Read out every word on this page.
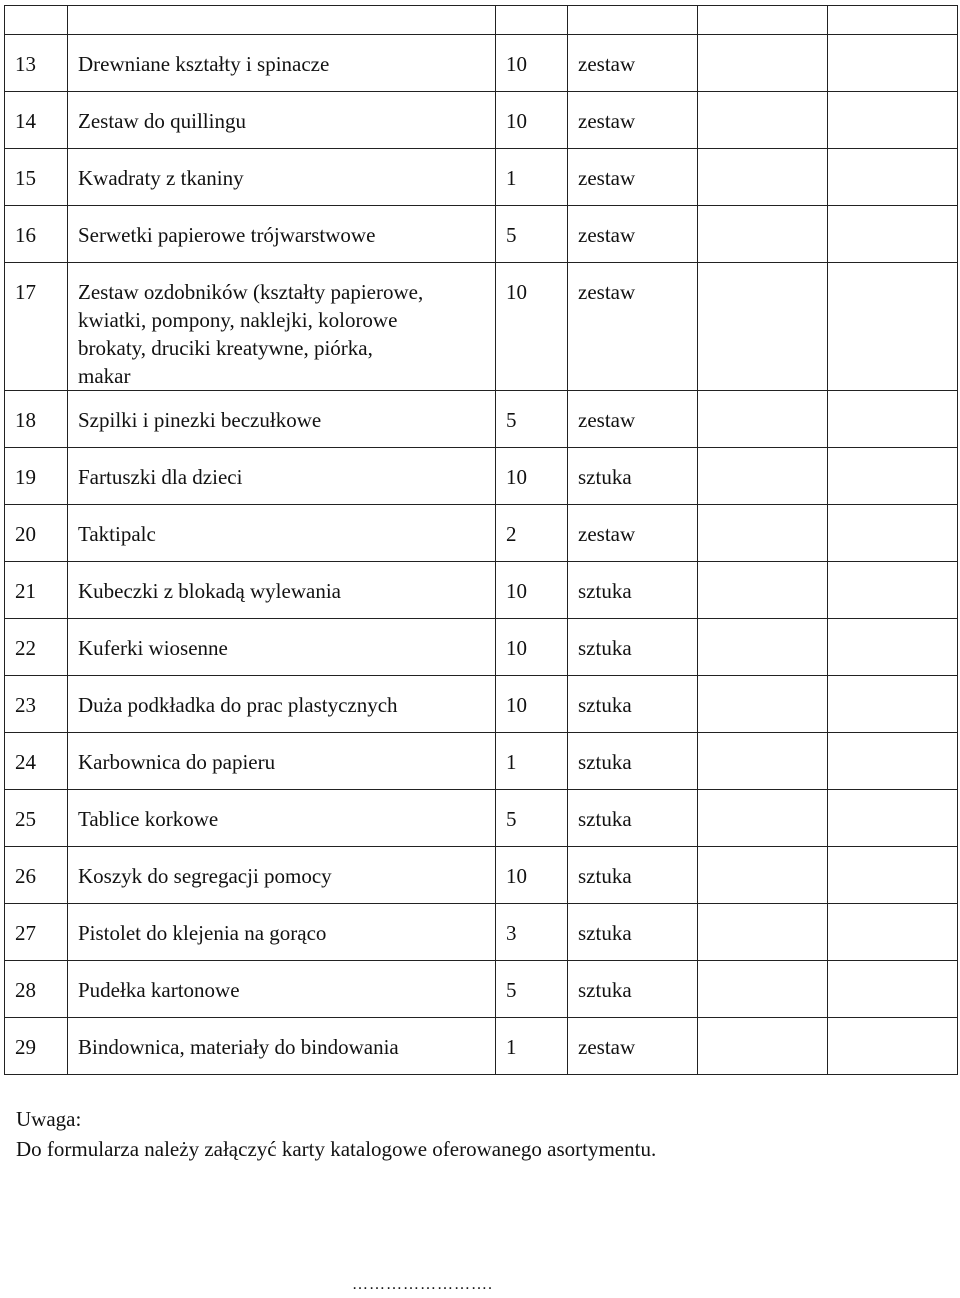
13	Drewniane kształty i spinacze	10	zestaw		

14	Zestaw do quillingu	10	zestaw		

15	Kwadraty z tkaniny	1	zestaw		

16	Serwetki papierowe trójwarstwowe	5	zestaw		

17	Zestaw ozdobników (kształty papierowe,
kwiatki, pompony, naklejki, kolorowe
brokaty, druciki kreatywne, piórka,
makar	10	zestaw		

18	Szpilki i pinezki beczułkowe	5	zestaw		

19	Fartuszki dla dzieci	10	sztuka		

20	Taktipalc	2	zestaw		

21	Kubeczki z blokadą wylewania	10	sztuka		

22	Kuferki wiosenne	10	sztuka		

23	Duża podkładka do prac plastycznych	10	sztuka		

24	Karbownica do papieru	1	sztuka		

25	Tablice korkowe	5	sztuka		

26	Koszyk do segregacji pomocy	10	sztuka		

27	Pistolet do klejenia na gorąco	3	sztuka		

28	Pudełka kartonowe	5	sztuka		

29	Bindownica, materiały do bindowania	1	zestaw		

Uwaga:
Do formularza należy załączyć karty katalogowe oferowanego asortymentu.
…………………….
